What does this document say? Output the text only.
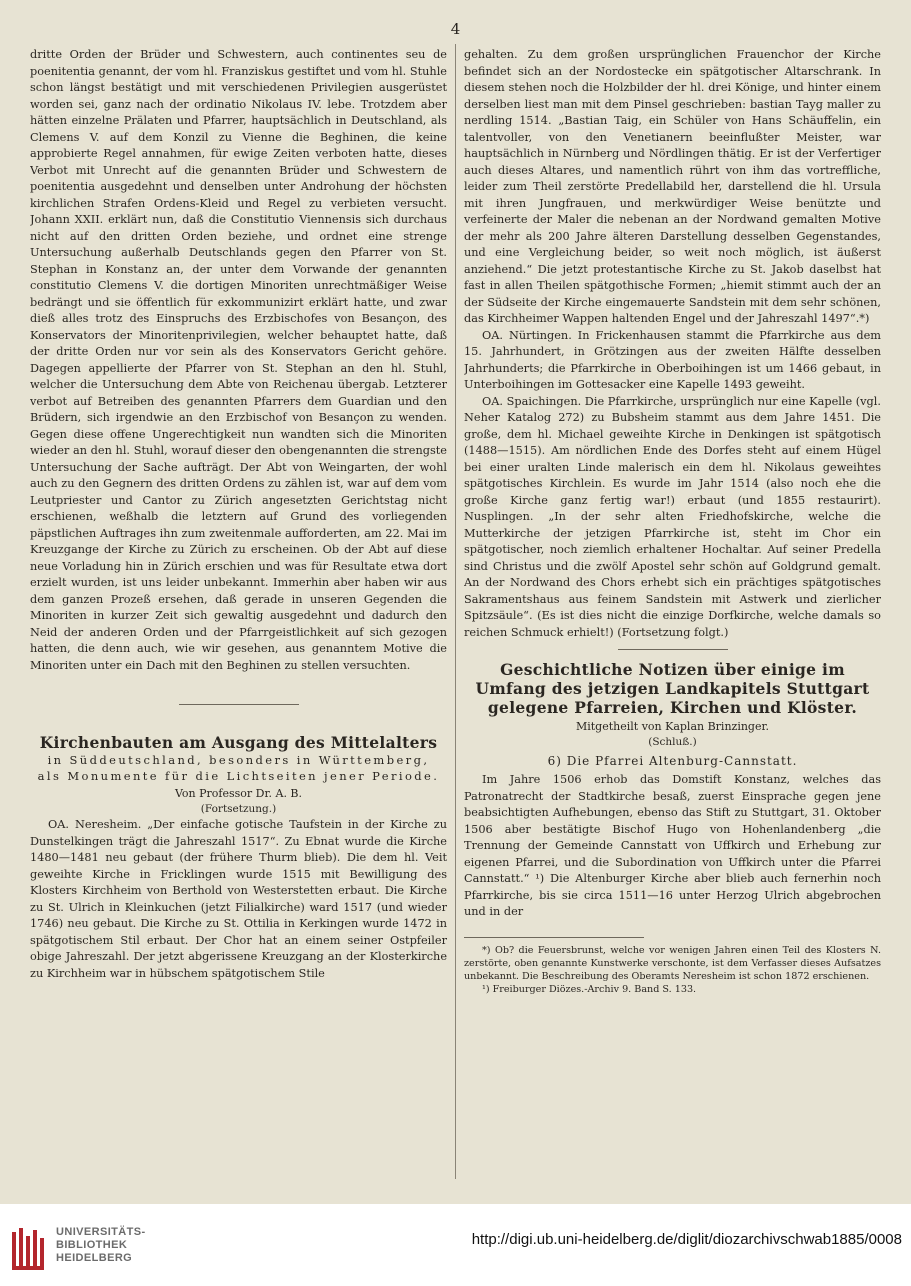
4

dritte Orden der Brüder und Schwestern, auch continentes seu de poenitentia genannt, der vom hl. Franziskus gestiftet und vom hl. Stuhle schon längst bestätigt und mit verschiedenen Privilegien ausgerüstet worden sei, ganz nach der ordinatio Nikolaus IV. lebe. Trotzdem aber hätten einzelne Prälaten und Pfarrer, hauptsächlich in Deutschland, als Clemens V. auf dem Konzil zu Vienne die Beghinen, die keine approbierte Regel annahmen, für ewige Zeiten verboten hatte, dieses Verbot mit Unrecht auf die genannten Brüder und Schwestern de poenitentia ausgedehnt und denselben unter Androhung der höchsten kirchlichen Strafen Ordens-Kleid und Regel zu verbieten versucht. Johann XXII. erklärt nun, daß die Constitutio Viennensis sich durchaus nicht auf den dritten Orden beziehe, und ordnet eine strenge Untersuchung außerhalb Deutschlands gegen den Pfarrer von St. Stephan in Konstanz an, der unter dem Vorwande der genannten constitutio Clemens V. die dortigen Minoriten unrechtmäßiger Weise bedrängt und sie öffentlich für exkommunizirt erklärt hatte, und zwar dieß alles trotz des Einspruchs des Erzbischofes von Besançon, des Konservators der Minoritenprivilegien, welcher behauptet hatte, daß der dritte Orden nur vor sein als des Konservators Gericht gehöre. Dagegen appellierte der Pfarrer von St. Stephan an den hl. Stuhl, welcher die Untersuchung dem Abte von Reichenau übergab. Letzterer verbot auf Betreiben des genannten Pfarrers dem Guardian und den Brüdern, sich irgendwie an den Erzbischof von Besançon zu wenden. Gegen diese offene Ungerechtigkeit nun wandten sich die Minoriten wieder an den hl. Stuhl, worauf dieser den obengenannten die strengste Untersuchung der Sache aufträgt. Der Abt von Weingarten, der wohl auch zu den Gegnern des dritten Ordens zu zählen ist, war auf dem vom Leutpriester und Cantor zu Zürich angesetzten Gerichtstag nicht erschienen, weßhalb die letztern auf Grund des vorliegenden päpstlichen Auftrages ihn zum zweitenmale aufforderten, am 22. Mai im Kreuzgange der Kirche zu Zürich zu erscheinen. Ob der Abt auf diese neue Vorladung hin in Zürich erschien und was für Resultate etwa dort erzielt wurden, ist uns leider unbekannt. Immerhin aber haben wir aus dem ganzen Prozeß ersehen, daß gerade in unseren Gegenden die Minoriten in kurzer Zeit sich gewaltig ausgedehnt und dadurch den Neid der anderen Orden und der Pfarrgeistlichkeit auf sich gezogen hatten, die denn auch, wie wir gesehen, aus genanntem Motive die Minoriten unter ein Dach mit den Beghinen zu stellen versuchten.

Kirchenbauten am Ausgang des Mittelalters
in Süddeutschland, besonders in Württemberg,
als Monumente für die Lichtseiten jener Periode.
Von Professor Dr. A. B.
(Fortsetzung.)

OA. Neresheim. „Der einfache gotische Taufstein in der Kirche zu Dunstelkingen trägt die Jahreszahl 1517“. Zu Ebnat wurde die Kirche 1480—1481 neu gebaut (der frühere Thurm blieb). Die dem hl. Veit geweihte Kirche in Fricklingen wurde 1515 mit Bewilligung des Klosters Kirchheim von Berthold von Westerstetten erbaut. Die Kirche zu St. Ulrich in Kleinkuchen (jetzt Filialkirche) ward 1517 (und wieder 1746) neu gebaut. Die Kirche zu St. Ottilia in Kerkingen wurde 1472 in spätgotischem Stil erbaut. Der Chor hat an einem seiner Ostpfeiler obige Jahreszahl. Der jetzt abgerissene Kreuzgang an der Klosterkirche zu Kirchheim war in hübschem spätgotischem Stile

gehalten. Zu dem großen ursprünglichen Frauenchor der Kirche befindet sich an der Nordostecke ein spätgotischer Altarschrank. In diesem stehen noch die Holzbilder der hl. drei Könige, und hinter einem derselben liest man mit dem Pinsel geschrieben: bastian Tayg maller zu nerdling 1514. „Bastian Taig, ein Schüler von Hans Schäuffelin, ein talentvoller, von den Venetianern beeinflußter Meister, war hauptsächlich in Nürnberg und Nördlingen thätig. Er ist der Verfertiger auch dieses Altares, und namentlich rührt von ihm das vortreffliche, leider zum Theil zerstörte Predellabild her, darstellend die hl. Ursula mit ihren Jungfrauen, und merkwürdiger Weise benützte und verfeinerte der Maler die nebenan an der Nordwand gemalten Motive der mehr als 200 Jahre älteren Darstellung desselben Gegenstandes, und eine Vergleichung beider, so weit noch möglich, ist äußerst anziehend.“ Die jetzt protestantische Kirche zu St. Jakob daselbst hat fast in allen Theilen spätgothische Formen; „hiemit stimmt auch der an der Südseite der Kirche eingemauerte Sandstein mit dem sehr schönen, das Kirchheimer Wappen haltenden Engel und der Jahreszahl 1497“.*)

OA. Nürtingen. In Frickenhausen stammt die Pfarrkirche aus dem 15. Jahrhundert, in Grötzingen aus der zweiten Hälfte desselben Jahrhunderts; die Pfarrkirche in Oberboihingen ist um 1466 gebaut, in Unterboihingen im Gottesacker eine Kapelle 1493 geweiht.

OA. Spaichingen. Die Pfarrkirche, ursprünglich nur eine Kapelle (vgl. Neher Katalog 272) zu Bubsheim stammt aus dem Jahre 1451. Die große, dem hl. Michael geweihte Kirche in Denkingen ist spätgotisch (1488—1515). Am nördlichen Ende des Dorfes steht auf einem Hügel bei einer uralten Linde malerisch ein dem hl. Nikolaus geweihtes spätgotisches Kirchlein. Es wurde im Jahr 1514 (also noch ehe die große Kirche ganz fertig war!) erbaut (und 1855 restaurirt). Nusplingen. „In der sehr alten Friedhofskirche, welche die Mutterkirche der jetzigen Pfarrkirche ist, steht im Chor ein spätgotischer, noch ziemlich erhaltener Hochaltar. Auf seiner Predella sind Christus und die zwölf Apostel sehr schön auf Goldgrund gemalt. An der Nordwand des Chors erhebt sich ein prächtiges spätgotisches Sakramentshaus aus feinem Sandstein mit Astwerk und zierlicher Spitzsäule“. (Es ist dies nicht die einzige Dorfkirche, welche damals so reichen Schmuck erhielt!) (Fortsetzung folgt.)

Geschichtliche Notizen über einige im Umfang des jetzigen Landkapitels Stuttgart gelegene Pfarreien, Kirchen und Klöster.
Mitgetheilt von Kaplan Brinzinger.
(Schluß.)
6) Die Pfarrei Altenburg-Cannstatt.

Im Jahre 1506 erhob das Domstift Konstanz, welches das Patronatrecht der Stadtkirche besaß, zuerst Einsprache gegen jene beabsichtigten Aufhebungen, ebenso das Stift zu Stuttgart, 31. Oktober 1506 aber bestätigte Bischof Hugo von Hohenlandenberg „die Trennung der Gemeinde Cannstatt von Uffkirch und Erhebung zur eigenen Pfarrei, und die Subordination von Uffkirch unter die Pfarrei Cannstatt.“ ¹) Die Altenburger Kirche aber blieb auch fernerhin noch Pfarrkirche, bis sie circa 1511—16 unter Herzog Ulrich abgebrochen und in der

*) Ob? die Feuersbrunst, welche vor wenigen Jahren einen Teil des Klosters N. zerstörte, oben genannte Kunstwerke verschonte, ist dem Verfasser dieses Aufsatzes unbekannt. Die Beschreibung des Oberamts Neresheim ist schon 1872 erschienen.

¹) Freiburger Diözes.-Archiv 9. Band S. 133.

UNIVERSITÄTS-
BIBLIOTHEK
HEIDELBERG
http://digi.ub.uni-heidelberg.de/diglit/diozarchivschwab1885/0008
